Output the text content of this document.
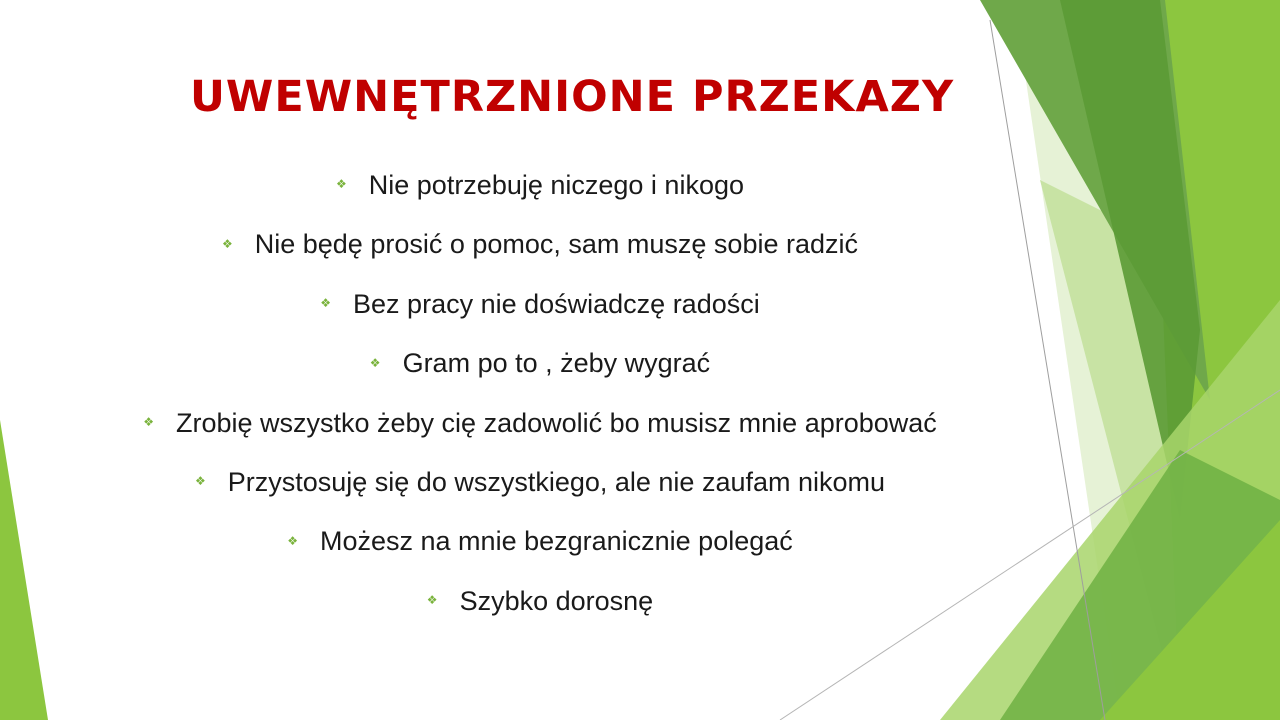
UWEWNĘTRZNIONE PRZEKAZY
❖ Nie potrzebuję niczego i nikogo
❖ Nie będę prosić o pomoc, sam muszę sobie radzić
❖ Bez pracy nie doświadczę radości
❖ Gram po to , żeby wygrać
❖ Zrobię wszystko żeby cię zadowolić bo musisz mnie aprobować
❖ Przystosuję się do wszystkiego, ale nie zaufam nikomu
❖ Możesz na mnie bezgranicznie polegać
❖ Szybko dorosnę
